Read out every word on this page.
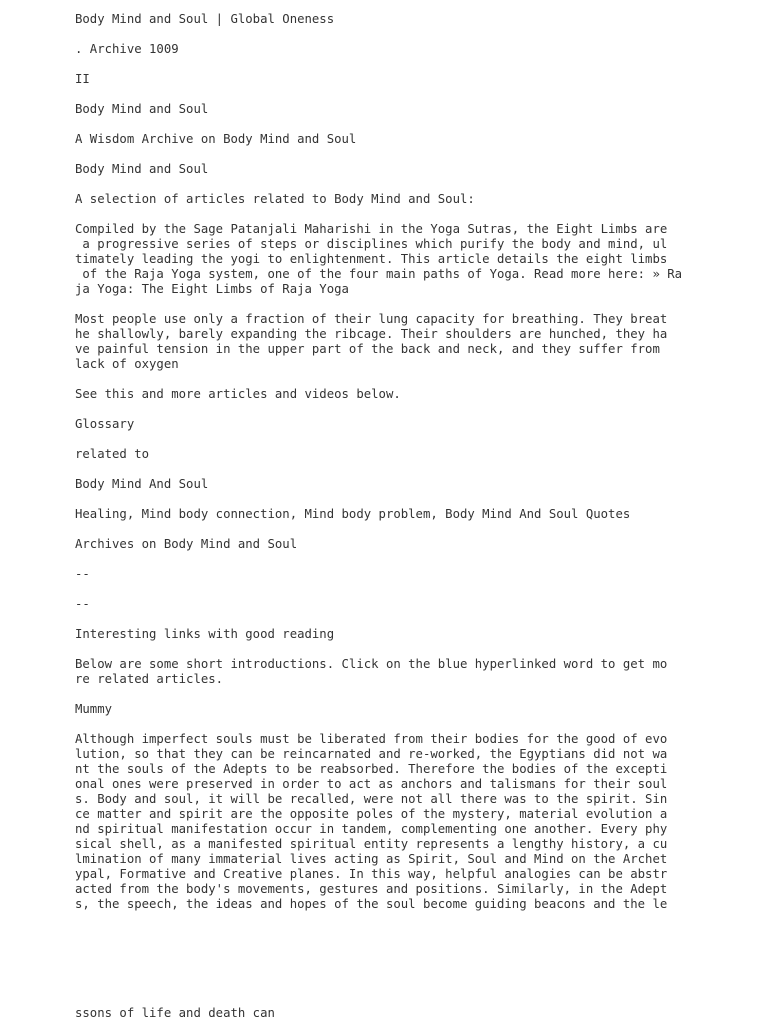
Body Mind and Soul | Global Oneness
. Archive 1009
II
Body Mind and Soul
A Wisdom Archive on Body Mind and Soul
Body Mind and Soul
A selection of articles related to Body Mind and Soul:
Compiled by the Sage Patanjali Maharishi in the Yoga Sutras, the Eight Limbs are
a progressive series of steps or disciplines which purify the body and mind, ul
timately leading the yogi to enlightenment. This article details the eight limbs
of the Raja Yoga system, one of the four main paths of Yoga. Read more here: » Ra
ja Yoga: The Eight Limbs of Raja Yoga
Most people use only a fraction of their lung capacity for breathing. They breat
he shallowly, barely expanding the ribcage. Their shoulders are hunched, they ha
ve painful tension in the upper part of the back and neck, and they suffer from
lack of oxygen
See this and more articles and videos below.
Glossary
related to
Body Mind And Soul
Healing, Mind body connection, Mind body problem, Body Mind And Soul Quotes
Archives on Body Mind and Soul
--
--
Interesting links with good reading
Below are some short introductions. Click on the blue hyperlinked word to get mo
re related articles.
Mummy
Although imperfect souls must be liberated from their bodies for the good of evo
lution, so that they can be reincarnated and re-worked, the Egyptians did not wa
nt the souls of the Adepts to be reabsorbed. Therefore the bodies of the excepti
onal ones were preserved in order to act as anchors and talismans for their soul
s. Body and soul, it will be recalled, were not all there was to the spirit. Sin
ce matter and spirit are the opposite poles of the mystery, material evolution a
nd spiritual manifestation occur in tandem, complementing one another. Every phy
sical shell, as a manifested spiritual entity represents a lengthy history, a cu
lmination of many immaterial lives acting as Spirit, Soul and Mind on the Archet
ypal, Formative and Creative planes. In this way, helpful analogies can be abstr
acted from the body's movements, gestures and positions. Similarly, in the Adept
s, the speech, the ideas and hopes of the soul become guiding beacons and the le
ssons of life and death can
